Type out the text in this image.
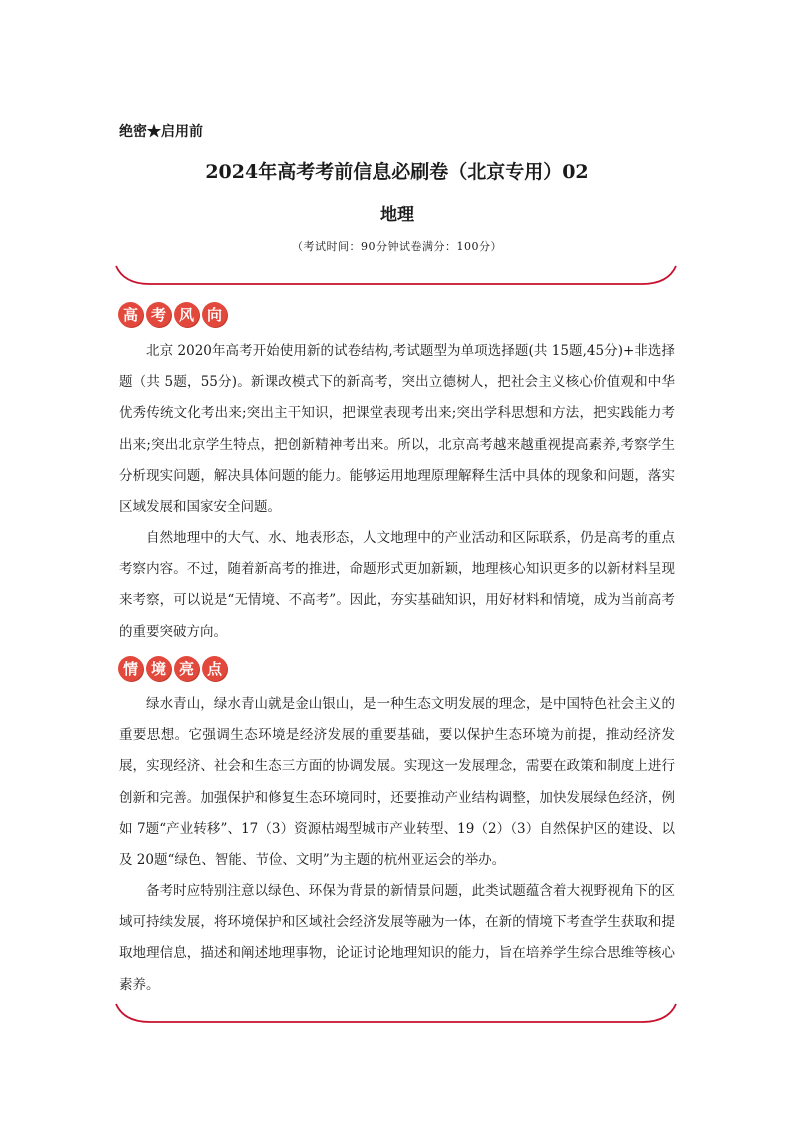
绝密★启用前
2024年高考考前信息必刷卷（北京专用）02
地理
（考试时间：90分钟试卷满分：100分）
高 考 风 向
北京 2020年高考开始使用新的试卷结构,考试题型为单项选择题(共 15题,45分)+非选择题（共 5题，55分)。新课改模式下的新高考，突出立德树人，把社会主义核心价值观和中华优秀传统文化考出来;突出主干知识，把课堂表现考出来;突出学科思想和方法，把实践能力考出来;突出北京学生特点，把创新精神考出来。所以，北京高考越来越重视提高素养,考察学生分析现实问题，解决具体问题的能力。能够运用地理原理解释生活中具体的现象和问题，落实区域发展和国家安全问题。
自然地理中的大气、水、地表形态，人文地理中的产业活动和区际联系，仍是高考的重点考察内容。不过，随着新高考的推进，命题形式更加新颖，地理核心知识更多的以新材料呈现来考察，可以说是“无情境、不高考”。因此，夯实基础知识，用好材料和情境，成为当前高考的重要突破方向。
情 境 亮 点
绿水青山，绿水青山就是金山银山，是一种生态文明发展的理念，是中国特色社会主义的重要思想。它强调生态环境是经济发展的重要基础，要以保护生态环境为前提，推动经济发展，实现经济、社会和生态三方面的协调发展。实现这一发展理念，需要在政策和制度上进行创新和完善。加强保护和修复生态环境同时，还要推动产业结构调整，加快发展绿色经济，例如 7题“产业转移”、17（3）资源枯竭型城市产业转型、19（2）（3）自然保护区的建设、以及 20题“绿色、智能、节俭、文明”为主题的杭州亚运会的举办。
备考时应特别注意以绿色、环保为背景的新情景问题，此类试题蕴含着大视野视角下的区域可持续发展，将环境保护和区域社会经济发展等融为一体，在新的情境下考查学生获取和提取地理信息，描述和阐述地理事物，论证讨论地理知识的能力，旨在培养学生综合思维等核心素养。
